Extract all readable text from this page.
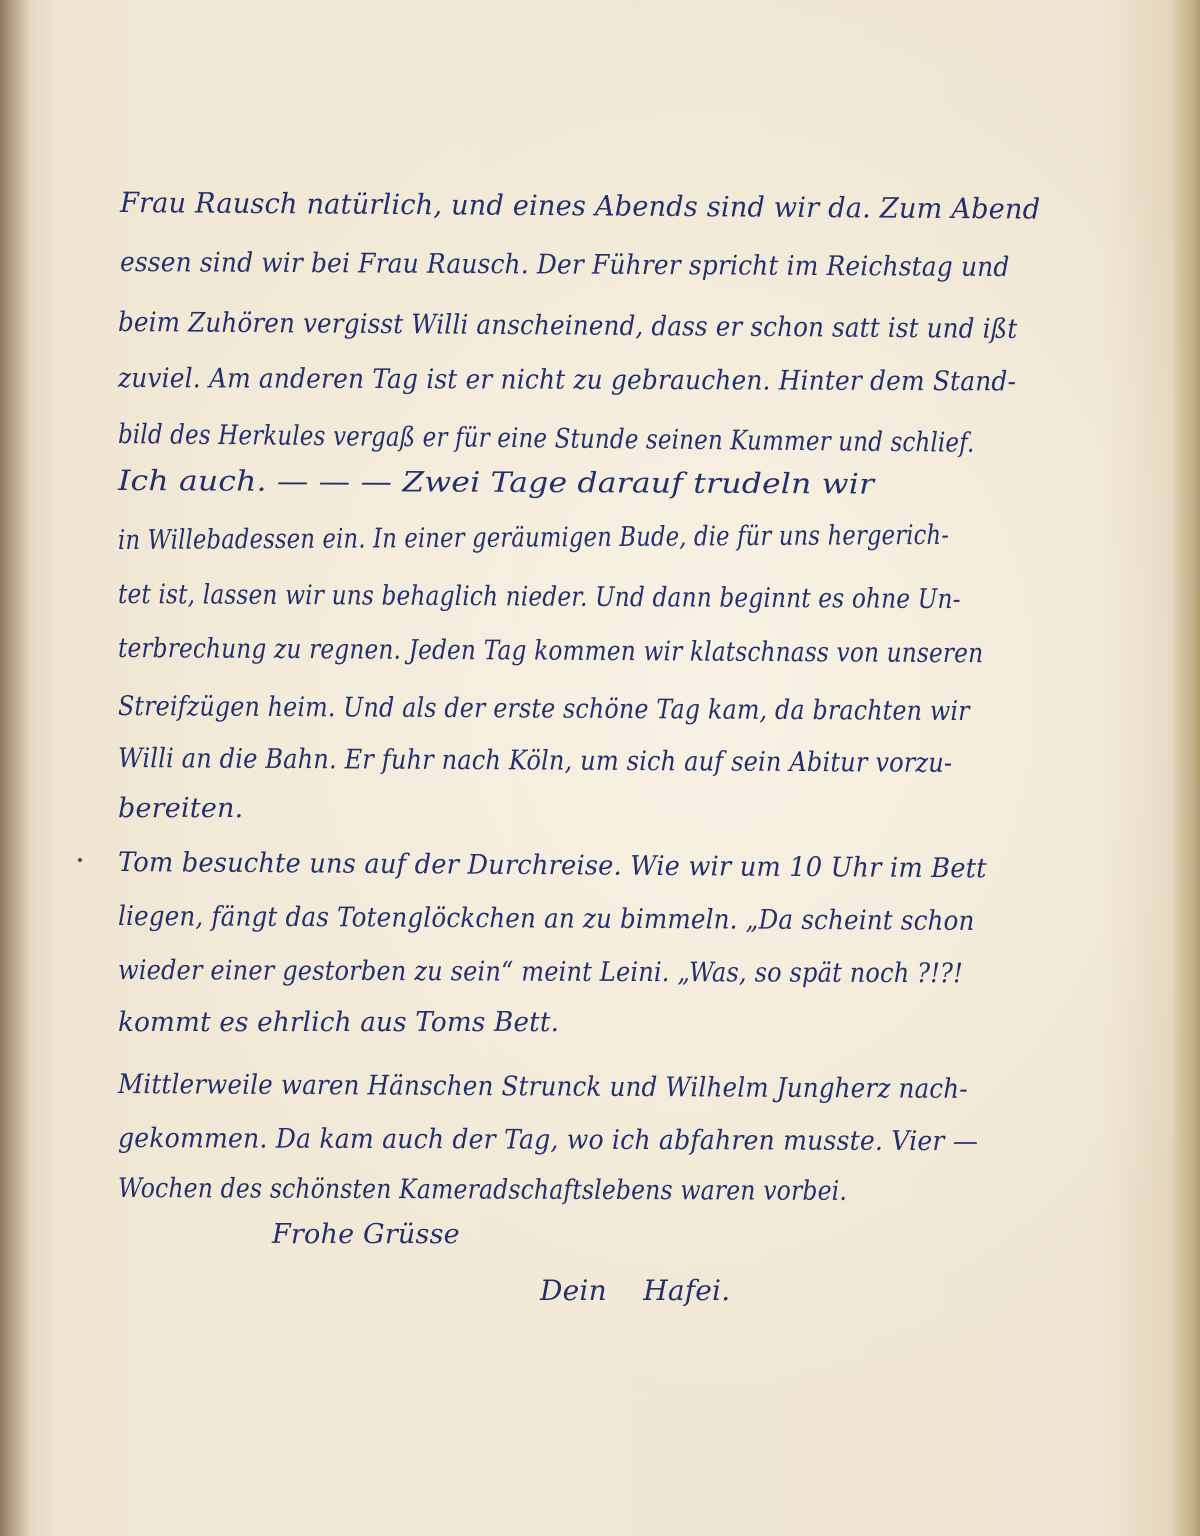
Frau Rausch natürlich, und eines Abends sind wir da. Zum Abend
essen sind wir bei Frau Rausch. Der Führer spricht im Reichstag und
beim Zuhören vergisst Willi anscheinend, dass er schon satt ist und ißt
zuviel. Am anderen Tag ist er nicht zu gebrauchen. Hinter dem Stand-
bild des Herkules vergaß er für eine Stunde seinen Kummer und schlief.
Ich auch. — — — Zwei Tage darauf trudeln wir
in Willebadessen ein. In einer geräumigen Bude, die für uns hergerich-
tet ist, lassen wir uns behaglich nieder. Und dann beginnt es ohne Un-
terbrechung zu regnen. Jeden Tag kommen wir klatschnass von unseren
Streifzügen heim. Und als der erste schöne Tag kam, da brachten wir
Willi an die Bahn. Er fuhr nach Köln, um sich auf sein Abitur vorzu-
bereiten.
Tom besuchte uns auf der Durchreise. Wie wir um 10 Uhr im Bett
liegen, fängt das Totenglöckchen an zu bimmeln. „Da scheint schon
wieder einer gestorben zu sein“ meint Leini. „Was, so spät noch ?!?!
kommt es ehrlich aus Toms Bett.
Mittlerweile waren Hänschen Strunck und Wilhelm Jungherz nach-
gekommen. Da kam auch der Tag, wo ich abfahren musste. Vier —
Wochen des schönsten Kameradschaftslebens waren vorbei.
Frohe Grüsse
Dein    Hafei.
